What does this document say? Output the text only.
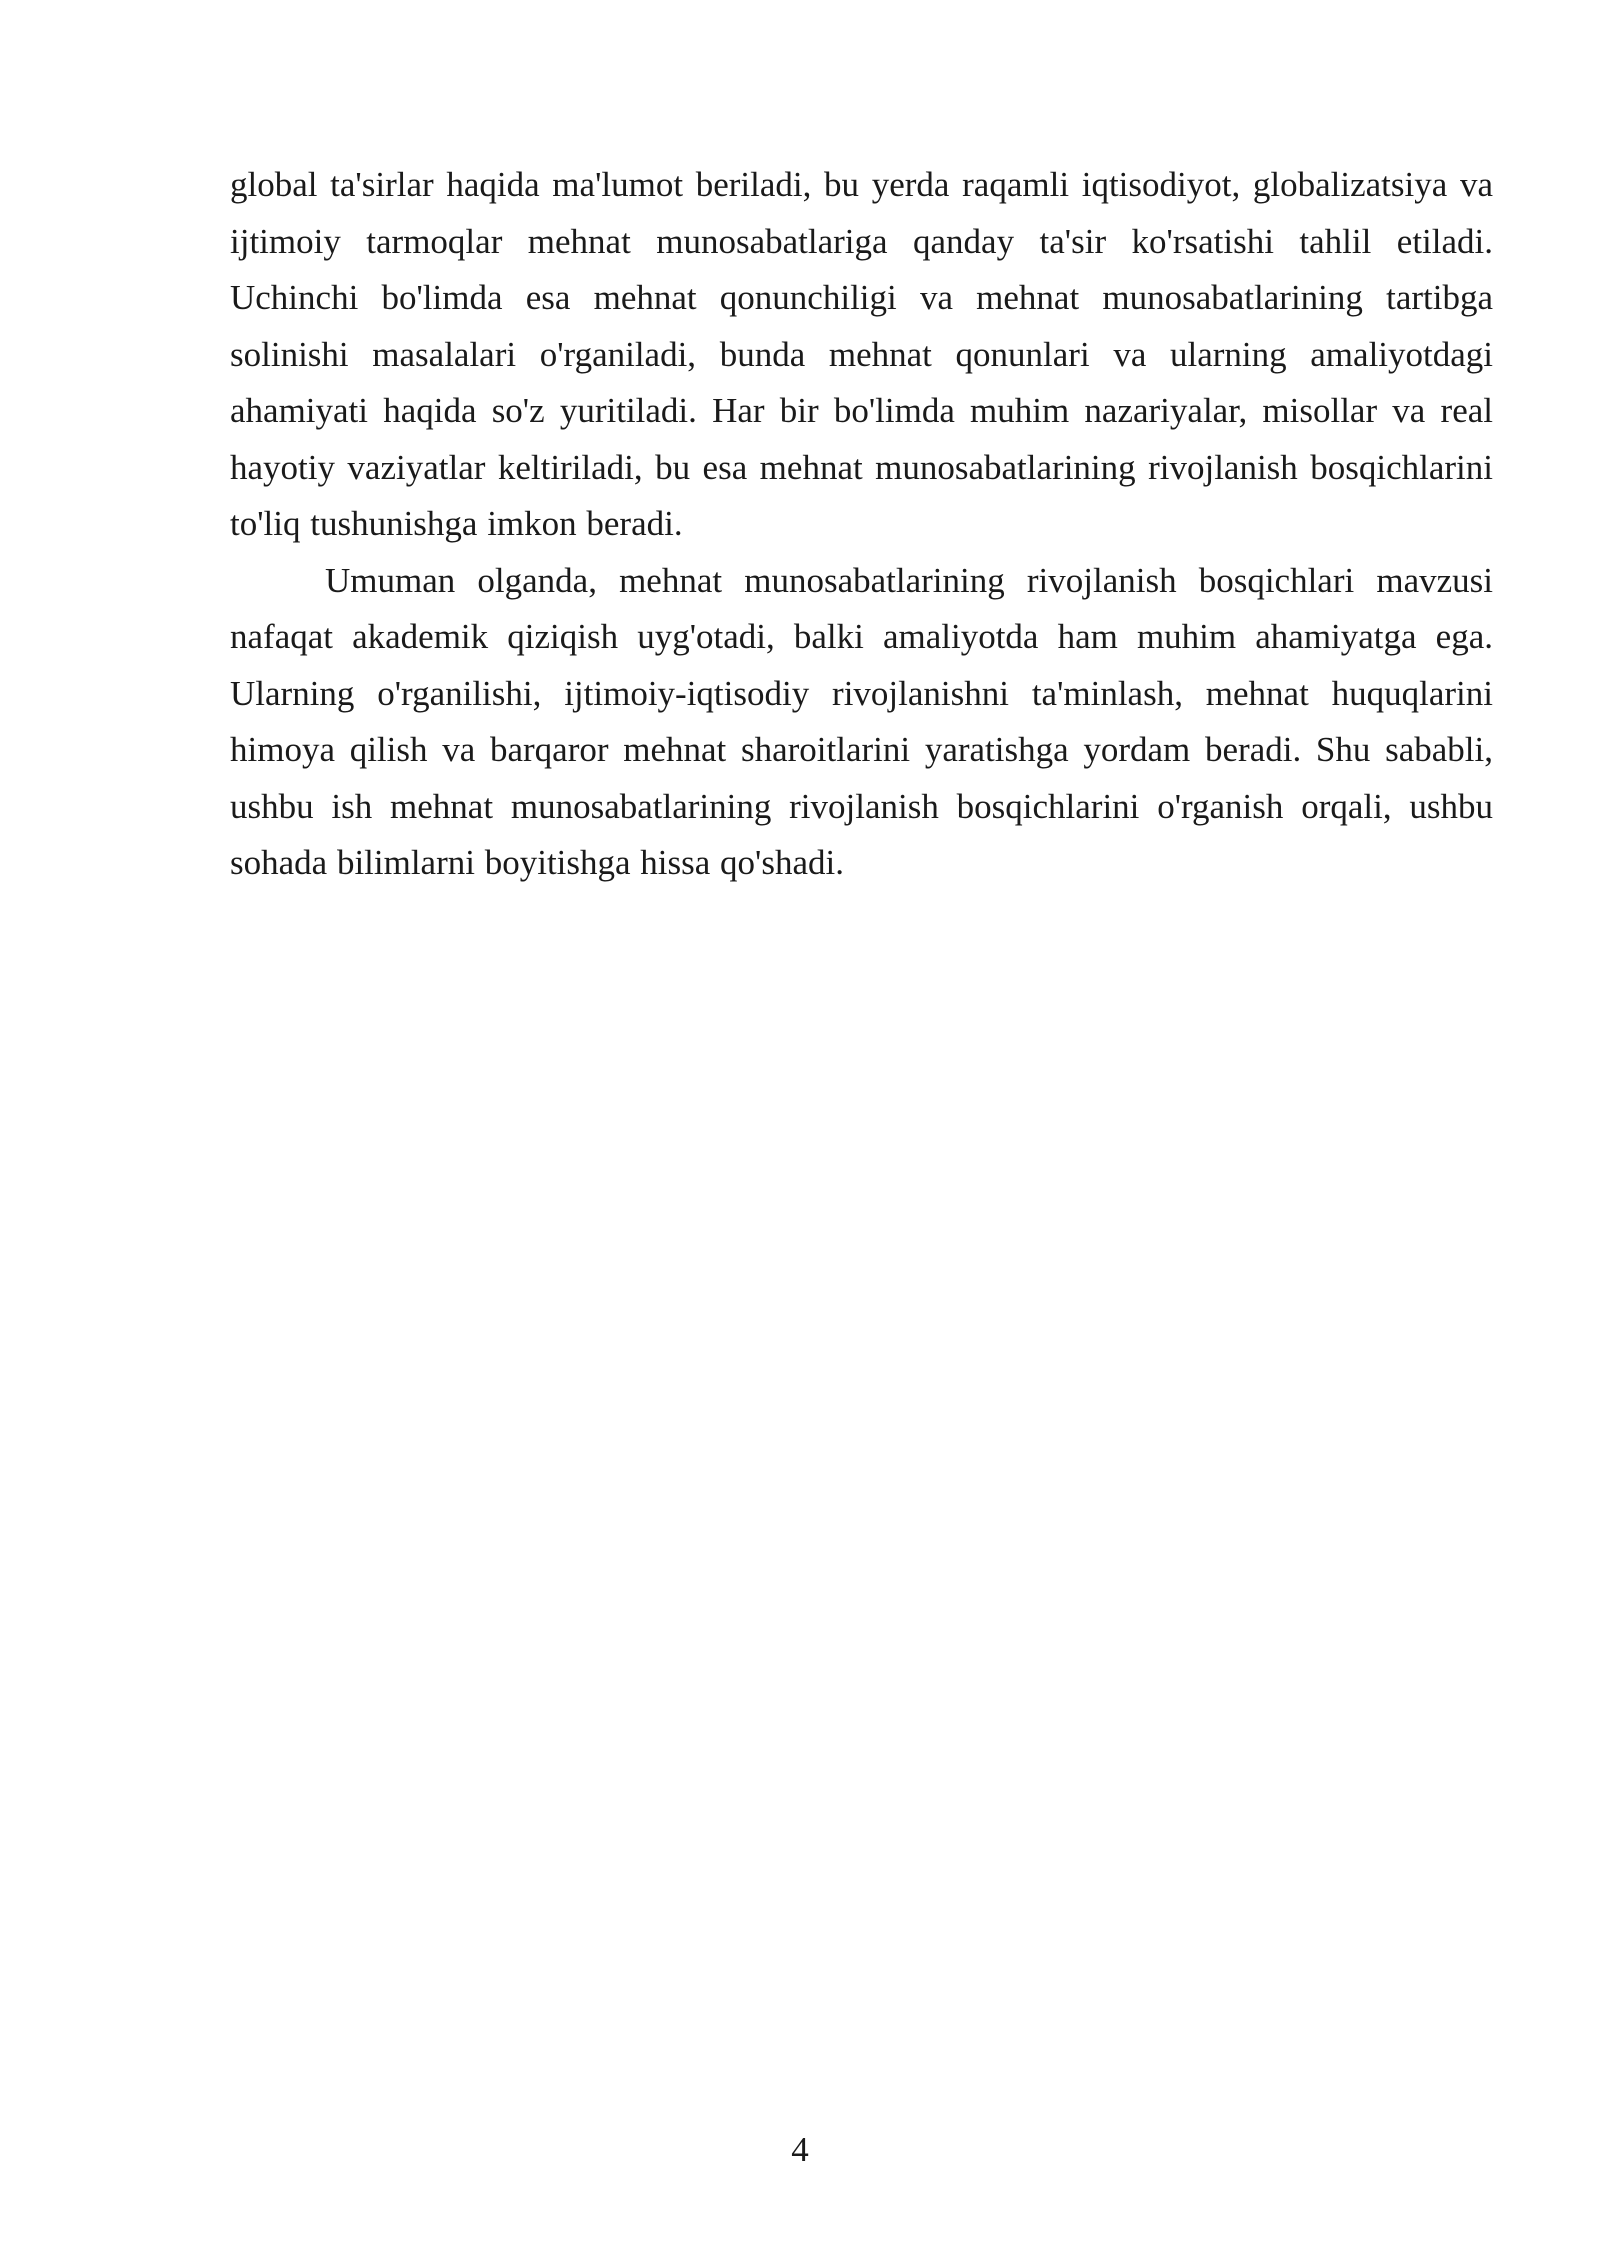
global ta'sirlar haqida ma'lumot beriladi, bu yerda raqamli iqtisodiyot, globalizatsiya va ijtimoiy tarmoqlar mehnat munosabatlariga qanday ta'sir ko'rsatishi tahlil etiladi. Uchinchi bo'limda esa mehnat qonunchiligi va mehnat munosabatlarining tartibga solinishi masalalari o'rganiladi, bunda mehnat qonunlari va ularning amaliyotdagi ahamiyati haqida so'z yuritiladi. Har bir bo'limda muhim nazariyalar, misollar va real hayotiy vaziyatlar keltiriladi, bu esa mehnat munosabatlarining rivojlanish bosqichlarini to'liq tushunishga imkon beradi.

Umuman olganda, mehnat munosabatlarining rivojlanish bosqichlari mavzusi nafaqat akademik qiziqish uyg'otadi, balki amaliyotda ham muhim ahamiyatga ega. Ularning o'rganilishi, ijtimoiy-iqtisodiy rivojlanishni ta'minlash, mehnat huquqlarini himoya qilish va barqaror mehnat sharoitlarini yaratishga yordam beradi. Shu sababli, ushbu ish mehnat munosabatlarining rivojlanish bosqichlarini o'rganish orqali, ushbu sohada bilimlarni boyitishga hissa qo'shadi.

4
